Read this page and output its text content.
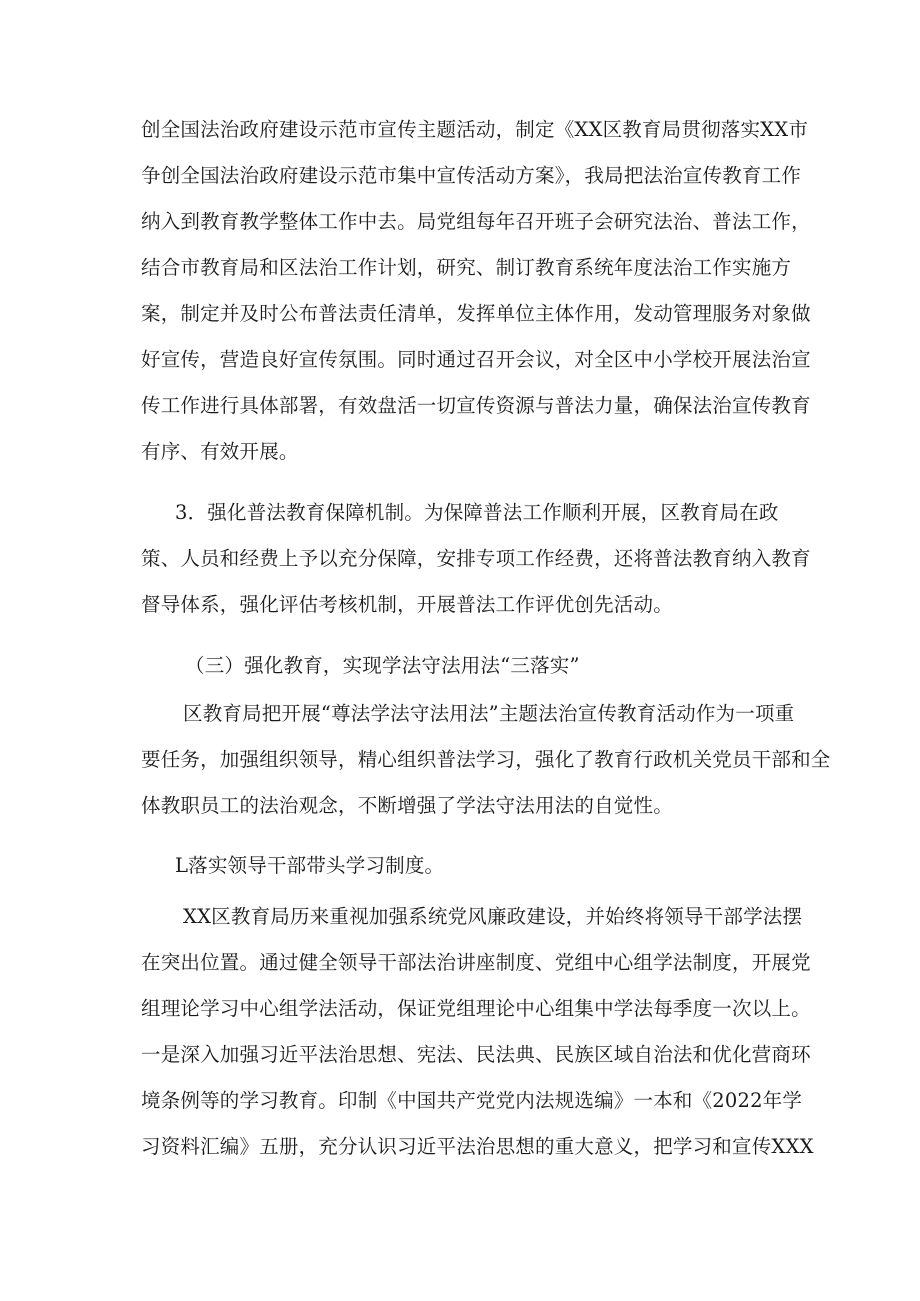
创全国法治政府建设示范市宣传主题活动，制定《XX区教育局贯彻落实XX市
争创全国法治政府建设示范市集中宣传活动方案》，我局把法治宣传教育工作
纳入到教育教学整体工作中去。局党组每年召开班子会研究法治、普法工作，
结合市教育局和区法治工作计划，研究、制订教育系统年度法治工作实施方
案，制定并及时公布普法责任清单，发挥单位主体作用，发动管理服务对象做
好宣传，营造良好宣传氛围。同时通过召开会议，对全区中小学校开展法治宣
传工作进行具体部署，有效盘活一切宣传资源与普法力量，确保法治宣传教育
有序、有效开展。
3．强化普法教育保障机制。为保障普法工作顺利开展，区教育局在政
策、人员和经费上予以充分保障，安排专项工作经费，还将普法教育纳入教育
督导体系，强化评估考核机制，开展普法工作评优创先活动。
（三）强化教育，实现学法守法用法“三落实”
区教育局把开展“尊法学法守法用法”主题法治宣传教育活动作为一项重
要任务，加强组织领导，精心组织普法学习，强化了教育行政机关党员干部和全
体教职员工的法治观念，不断增强了学法守法用法的自觉性。
L落实领导干部带头学习制度。
XX区教育局历来重视加强系统党风廉政建设，并始终将领导干部学法摆
在突出位置。通过健全领导干部法治讲座制度、党组中心组学法制度，开展党
组理论学习中心组学法活动，保证党组理论中心组集中学法每季度一次以上。
一是深入加强习近平法治思想、宪法、民法典、民族区域自治法和优化营商环
境条例等的学习教育。印制《中国共产党党内法规选编》一本和《2022年学
习资料汇编》五册，充分认识习近平法治思想的重大意义，把学习和宣传XXX
